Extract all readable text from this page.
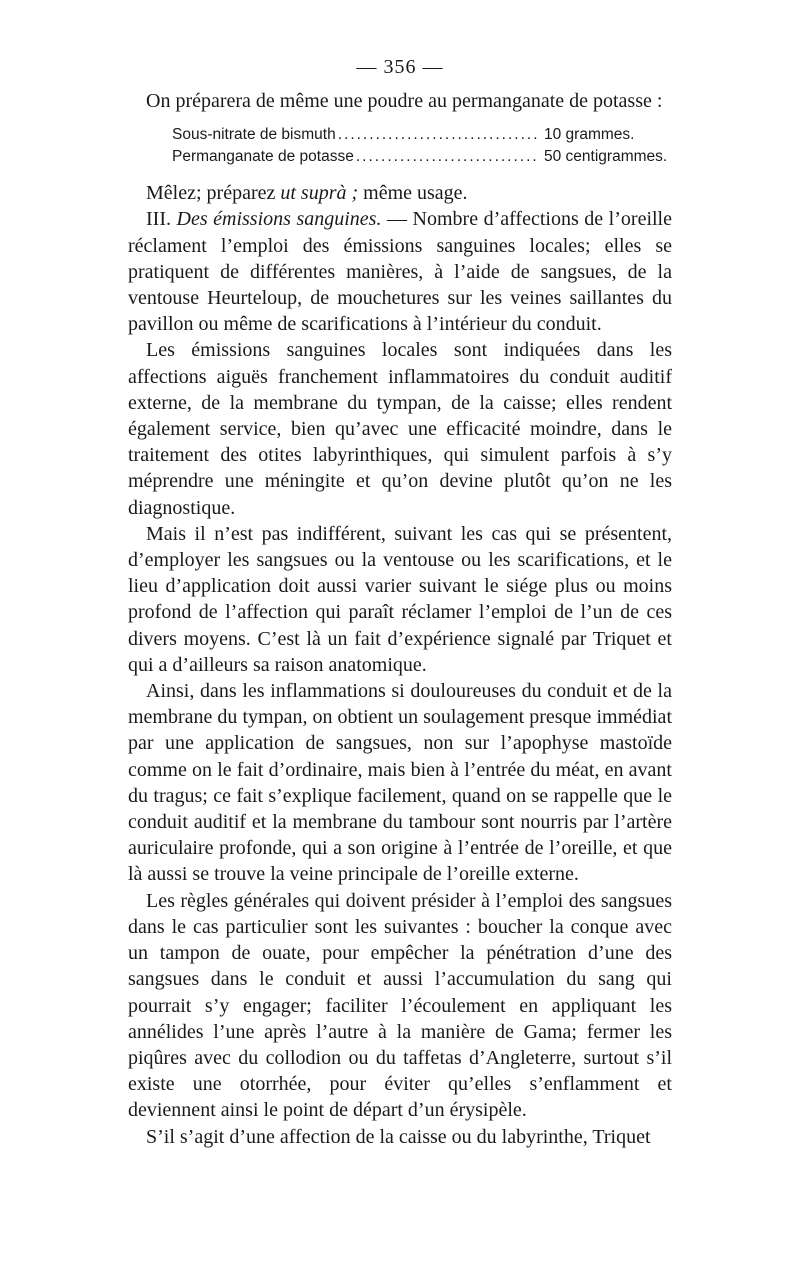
— 356 —

On préparera de même une poudre au permanganate de potasse :

Sous-nitrate de bismuth .....	10 grammes.
Permanganate de potasse .....	50 centigrammes.

Mêlez; préparez ut suprà ; même usage.

III. Des émissions sanguines. — Nombre d’affections de l’oreille réclament l’emploi des émissions sanguines locales; elles se pratiquent de différentes manières, à l’aide de sangsues, de la ventouse Heurteloup, de mouchetures sur les veines saillantes du pavillon ou même de scarifications à l’intérieur du conduit.

Les émissions sanguines locales sont indiquées dans les affections aiguës franchement inflammatoires du conduit auditif externe, de la membrane du tympan, de la caisse; elles rendent également service, bien qu’avec une efficacité moindre, dans le traitement des otites labyrinthiques, qui simulent parfois à s’y méprendre une méningite et qu’on devine plutôt qu’on ne les diagnostique.

Mais il n’est pas indifférent, suivant les cas qui se présentent, d’employer les sangsues ou la ventouse ou les scarifications, et le lieu d’application doit aussi varier suivant le siége plus ou moins profond de l’affection qui paraît réclamer l’emploi de l’un de ces divers moyens. C’est là un fait d’expérience signalé par Triquet et qui a d’ailleurs sa raison anatomique.

Ainsi, dans les inflammations si douloureuses du conduit et de la membrane du tympan, on obtient un soulagement presque immédiat par une application de sangsues, non sur l’apophyse mastoïde comme on le fait d’ordinaire, mais bien à l’entrée du méat, en avant du tragus; ce fait s’explique facilement, quand on se rappelle que le conduit auditif et la membrane du tambour sont nourris par l’artère auriculaire profonde, qui a son origine à l’entrée de l’oreille, et que là aussi se trouve la veine principale de l’oreille externe.

Les règles générales qui doivent présider à l’emploi des sangsues dans le cas particulier sont les suivantes : boucher la conque avec un tampon de ouate, pour empêcher la pénétration d’une des sangsues dans le conduit et aussi l’accumulation du sang qui pourrait s’y engager; faciliter l’écoulement en appliquant les annélides l’une après l’autre à la manière de Gama; fermer les piqûres avec du collodion ou du taffetas d’Angleterre, surtout s’il existe une otorrhée, pour éviter qu’elles s’enflamment et deviennent ainsi le point de départ d’un érysipèle.

S’il s’agit d’une affection de la caisse ou du labyrinthe, Triquet
